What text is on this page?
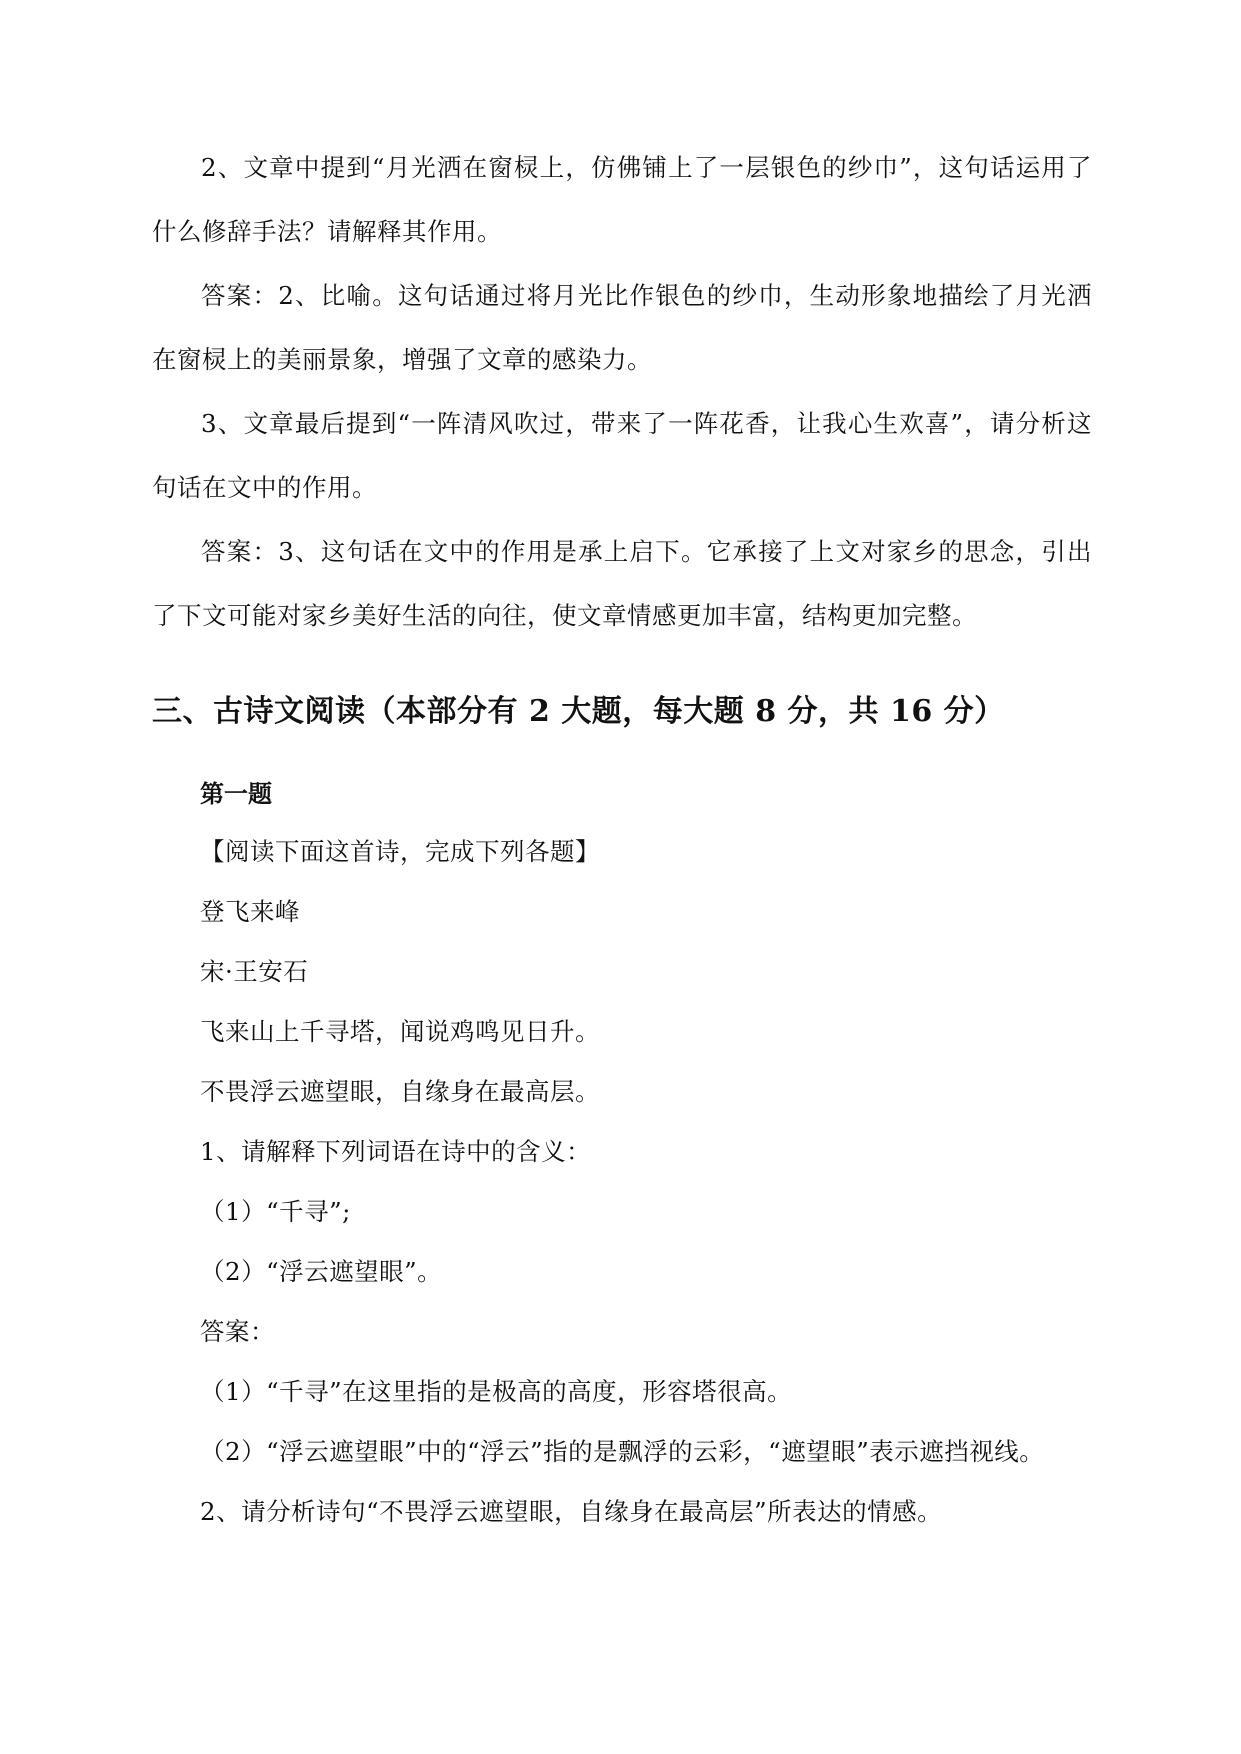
2、文章中提到“月光洒在窗棂上，仿佛铺上了一层银色的纱巾”，这句话运用了什么修辞手法？请解释其作用。

答案：2、比喻。这句话通过将月光比作银色的纱巾，生动形象地描绘了月光洒在窗棂上的美丽景象，增强了文章的感染力。

3、文章最后提到“一阵清风吹过，带来了一阵花香，让我心生欢喜”，请分析这句话在文中的作用。

答案：3、这句话在文中的作用是承上启下。它承接了上文对家乡的思念，引出了下文可能对家乡美好生活的向往，使文章情感更加丰富，结构更加完整。

三、古诗文阅读（本部分有 2 大题，每大题 8 分，共 16 分）
第一题

【阅读下面这首诗，完成下列各题】

登飞来峰

宋·王安石

飞来山上千寻塔，闻说鸡鸣见日升。

不畏浮云遮望眼，自缘身在最高层。

1、请解释下列词语在诗中的含义：

（1）“千寻”;

（2）“浮云遮望眼”。

答案：

（1）“千寻”在这里指的是极高的高度，形容塔很高。

（2）“浮云遮望眼”中的“浮云”指的是飘浮的云彩，“遮望眼”表示遮挡视线。

2、请分析诗句“不畏浮云遮望眼，自缘身在最高层”所表达的情感。
